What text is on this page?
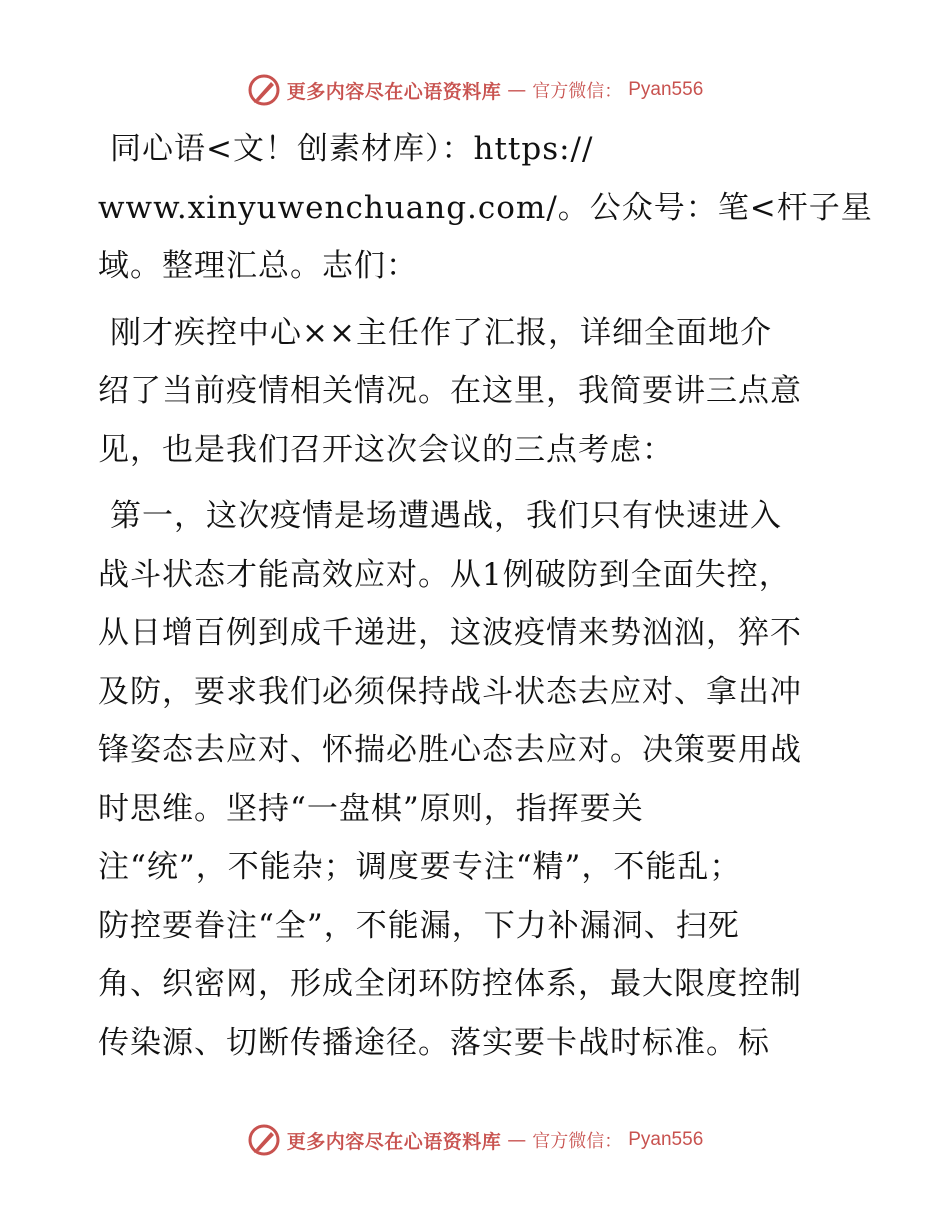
更多内容尽在心语资料库 — 官方微信： Pyan556
同心语<文！创素材库）：https://
www.xinyuwenchuang.com/。公众号：笔<杆子星
域。整理汇总。志们：
刚才疾控中心××主任作了汇报，详细全面地介
绍了当前疫情相关情况。在这里，我简要讲三点意
见，也是我们召开这次会议的三点考虑：
第一，这次疫情是场遭遇战，我们只有快速进入
战斗状态才能高效应对。从1例破防到全面失控，
从日增百例到成千递进，这波疫情来势汹汹，猝不
及防，要求我们必须保持战斗状态去应对、拿出冲
锋姿态去应对、怀揣必胜心态去应对。决策要用战
时思维。坚持“一盘棋”原则，指挥要关
注“统”，不能杂；调度要专注“精”，不能乱；
防控要眷注“全”，不能漏，下力补漏洞、扫死
角、织密网，形成全闭环防控体系，最大限度控制
传染源、切断传播途径。落实要卡战时标准。标
更多内容尽在心语资料库 — 官方微信： Pyan556
